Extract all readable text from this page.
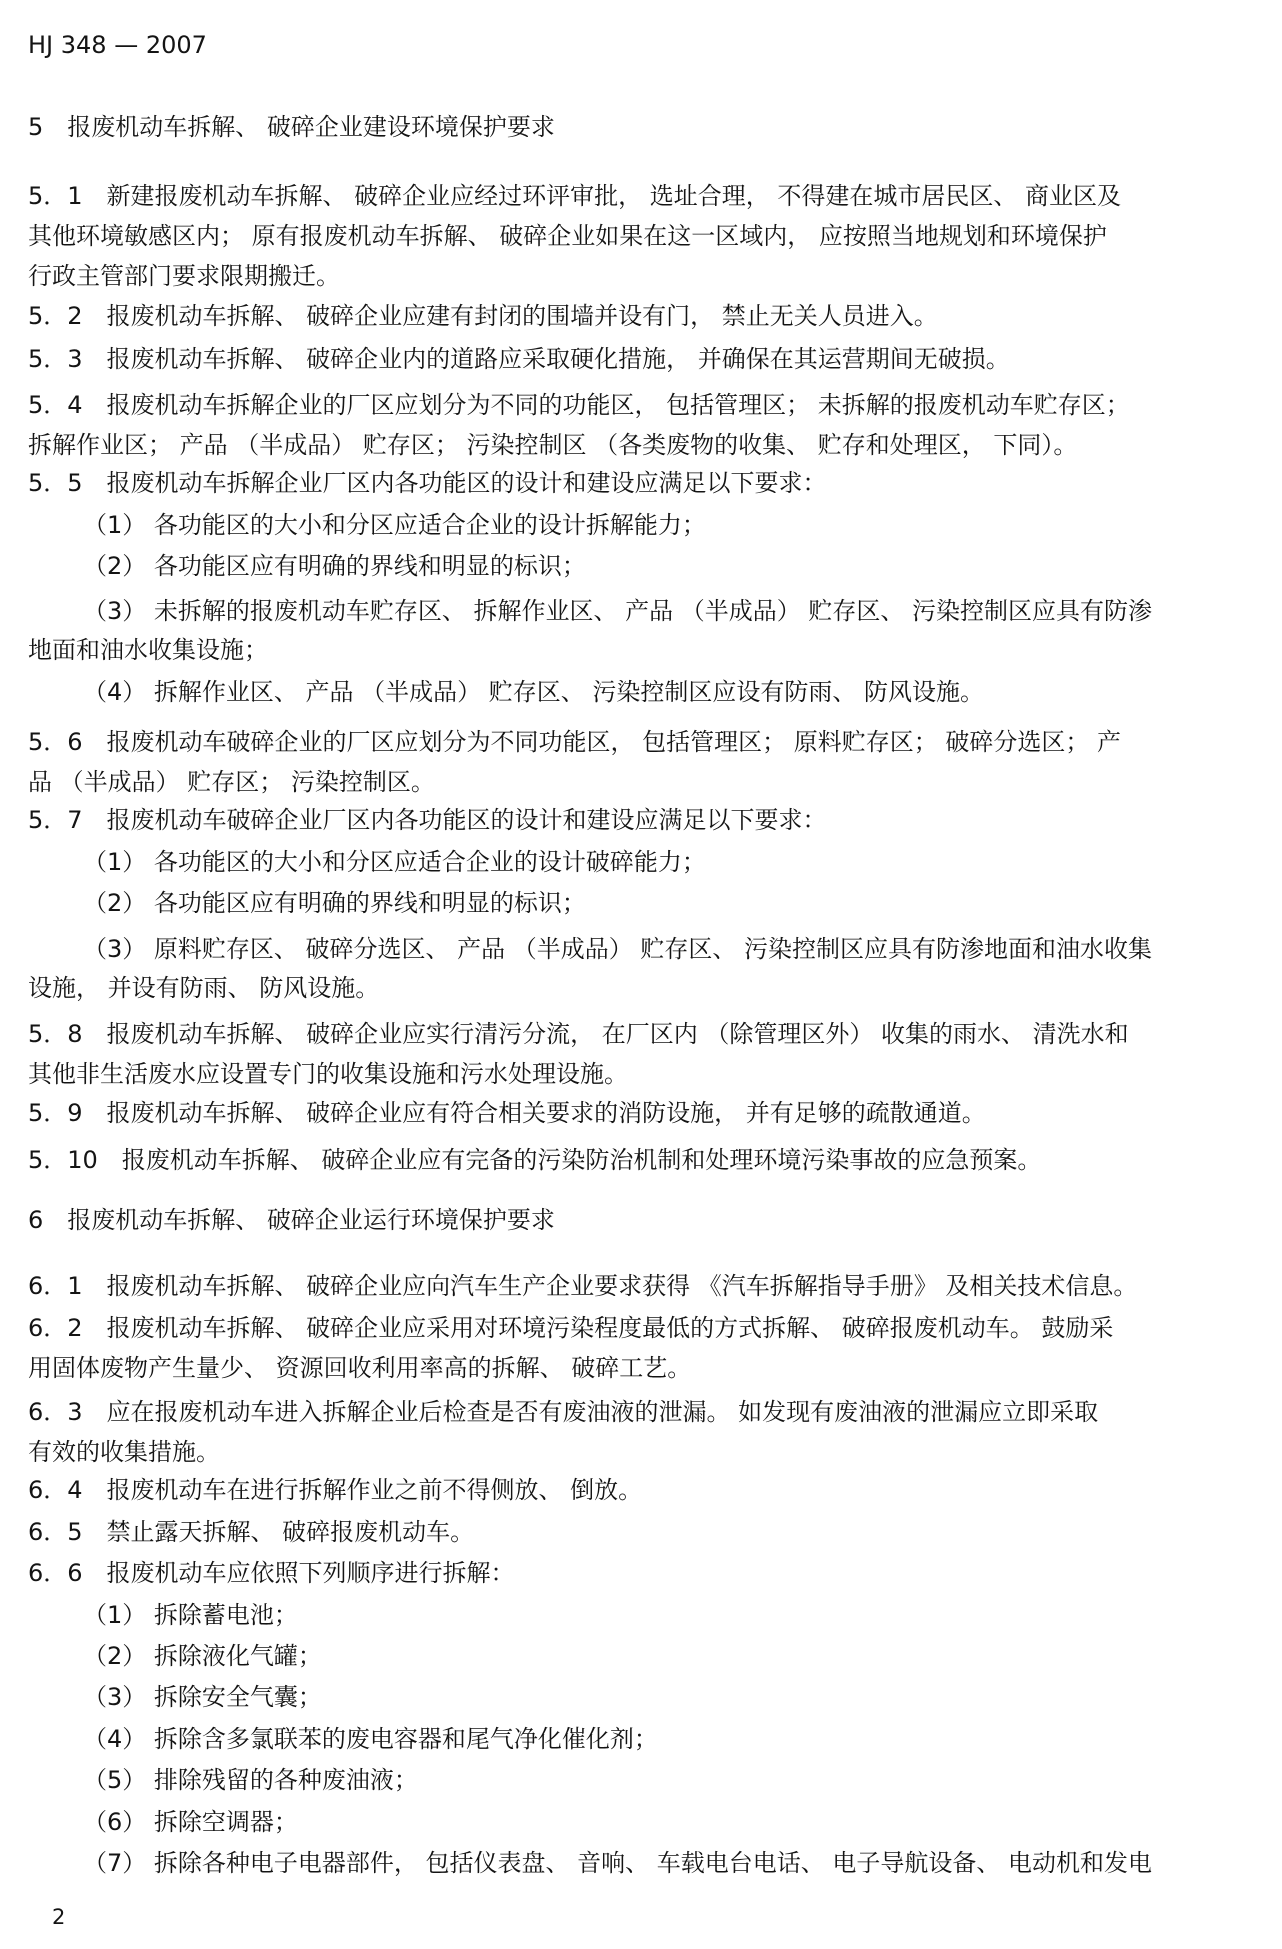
HJ 348 — 2007
5　报废机动车拆解、 破碎企业建设环境保护要求
5．1　新建报废机动车拆解、 破碎企业应经过环评审批， 选址合理， 不得建在城市居民区、 商业区及
其他环境敏感区内； 原有报废机动车拆解、 破碎企业如果在这一区域内， 应按照当地规划和环境保护
行政主管部门要求限期搬迁。
5．2　报废机动车拆解、 破碎企业应建有封闭的围墙并设有门， 禁止无关人员进入。
5．3　报废机动车拆解、 破碎企业内的道路应采取硬化措施， 并确保在其运营期间无破损。
5．4　报废机动车拆解企业的厂区应划分为不同的功能区， 包括管理区； 未拆解的报废机动车贮存区；
拆解作业区； 产品 （半成品） 贮存区； 污染控制区 （各类废物的收集、 贮存和处理区， 下同）。
5．5　报废机动车拆解企业厂区内各功能区的设计和建设应满足以下要求：
（1） 各功能区的大小和分区应适合企业的设计拆解能力；
（2） 各功能区应有明确的界线和明显的标识；
（3） 未拆解的报废机动车贮存区、 拆解作业区、 产品 （半成品） 贮存区、 污染控制区应具有防渗
地面和油水收集设施；
（4） 拆解作业区、 产品 （半成品） 贮存区、 污染控制区应设有防雨、 防风设施。
5．6　报废机动车破碎企业的厂区应划分为不同功能区， 包括管理区； 原料贮存区； 破碎分选区； 产
品 （半成品） 贮存区； 污染控制区。
5．7　报废机动车破碎企业厂区内各功能区的设计和建设应满足以下要求：
（1） 各功能区的大小和分区应适合企业的设计破碎能力；
（2） 各功能区应有明确的界线和明显的标识；
（3） 原料贮存区、 破碎分选区、 产品 （半成品） 贮存区、 污染控制区应具有防渗地面和油水收集
设施， 并设有防雨、 防风设施。
5．8　报废机动车拆解、 破碎企业应实行清污分流， 在厂区内 （除管理区外） 收集的雨水、 清洗水和
其他非生活废水应设置专门的收集设施和污水处理设施。
5．9　报废机动车拆解、 破碎企业应有符合相关要求的消防设施， 并有足够的疏散通道。
5．10　报废机动车拆解、 破碎企业应有完备的污染防治机制和处理环境污染事故的应急预案。
6　报废机动车拆解、 破碎企业运行环境保护要求
6．1　报废机动车拆解、 破碎企业应向汽车生产企业要求获得 《汽车拆解指导手册》 及相关技术信息。
6．2　报废机动车拆解、 破碎企业应采用对环境污染程度最低的方式拆解、 破碎报废机动车。 鼓励采
用固体废物产生量少、 资源回收利用率高的拆解、 破碎工艺。
6．3　应在报废机动车进入拆解企业后检查是否有废油液的泄漏。 如发现有废油液的泄漏应立即采取
有效的收集措施。
6．4　报废机动车在进行拆解作业之前不得侧放、 倒放。
6．5　禁止露天拆解、 破碎报废机动车。
6．6　报废机动车应依照下列顺序进行拆解：
（1） 拆除蓄电池；
（2） 拆除液化气罐；
（3） 拆除安全气囊；
（4） 拆除含多氯联苯的废电容器和尾气净化催化剂；
（5） 排除残留的各种废油液；
（6） 拆除空调器；
（7） 拆除各种电子电器部件， 包括仪表盘、 音响、 车载电台电话、 电子导航设备、 电动机和发电
2
